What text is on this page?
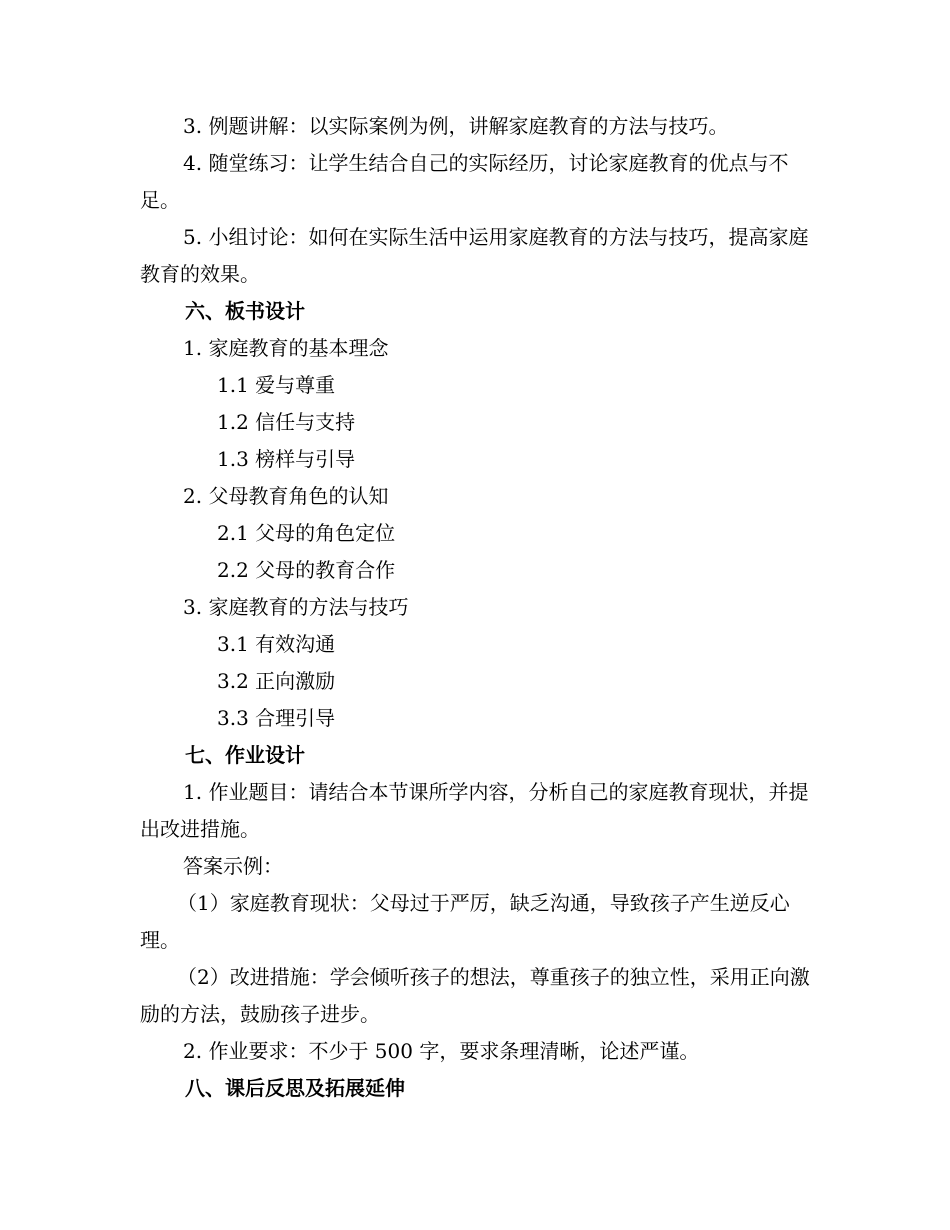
3. 例题讲解：以实际案例为例，讲解家庭教育的方法与技巧。
4. 随堂练习：让学生结合自己的实际经历，讨论家庭教育的优点与不足。
5. 小组讨论：如何在实际生活中运用家庭教育的方法与技巧，提高家庭教育的效果。
六、板书设计
1. 家庭教育的基本理念
1.1 爱与尊重
1.2 信任与支持
1.3 榜样与引导
2. 父母教育角色的认知
2.1 父母的角色定位
2.2 父母的教育合作
3. 家庭教育的方法与技巧
3.1 有效沟通
3.2 正向激励
3.3 合理引导
七、作业设计
1. 作业题目：请结合本节课所学内容，分析自己的家庭教育现状，并提出改进措施。
答案示例：
（1）家庭教育现状：父母过于严厉，缺乏沟通，导致孩子产生逆反心理。
（2）改进措施：学会倾听孩子的想法，尊重孩子的独立性，采用正向激励的方法，鼓励孩子进步。
2. 作业要求：不少于 500 字，要求条理清晰，论述严谨。
八、课后反思及拓展延伸
